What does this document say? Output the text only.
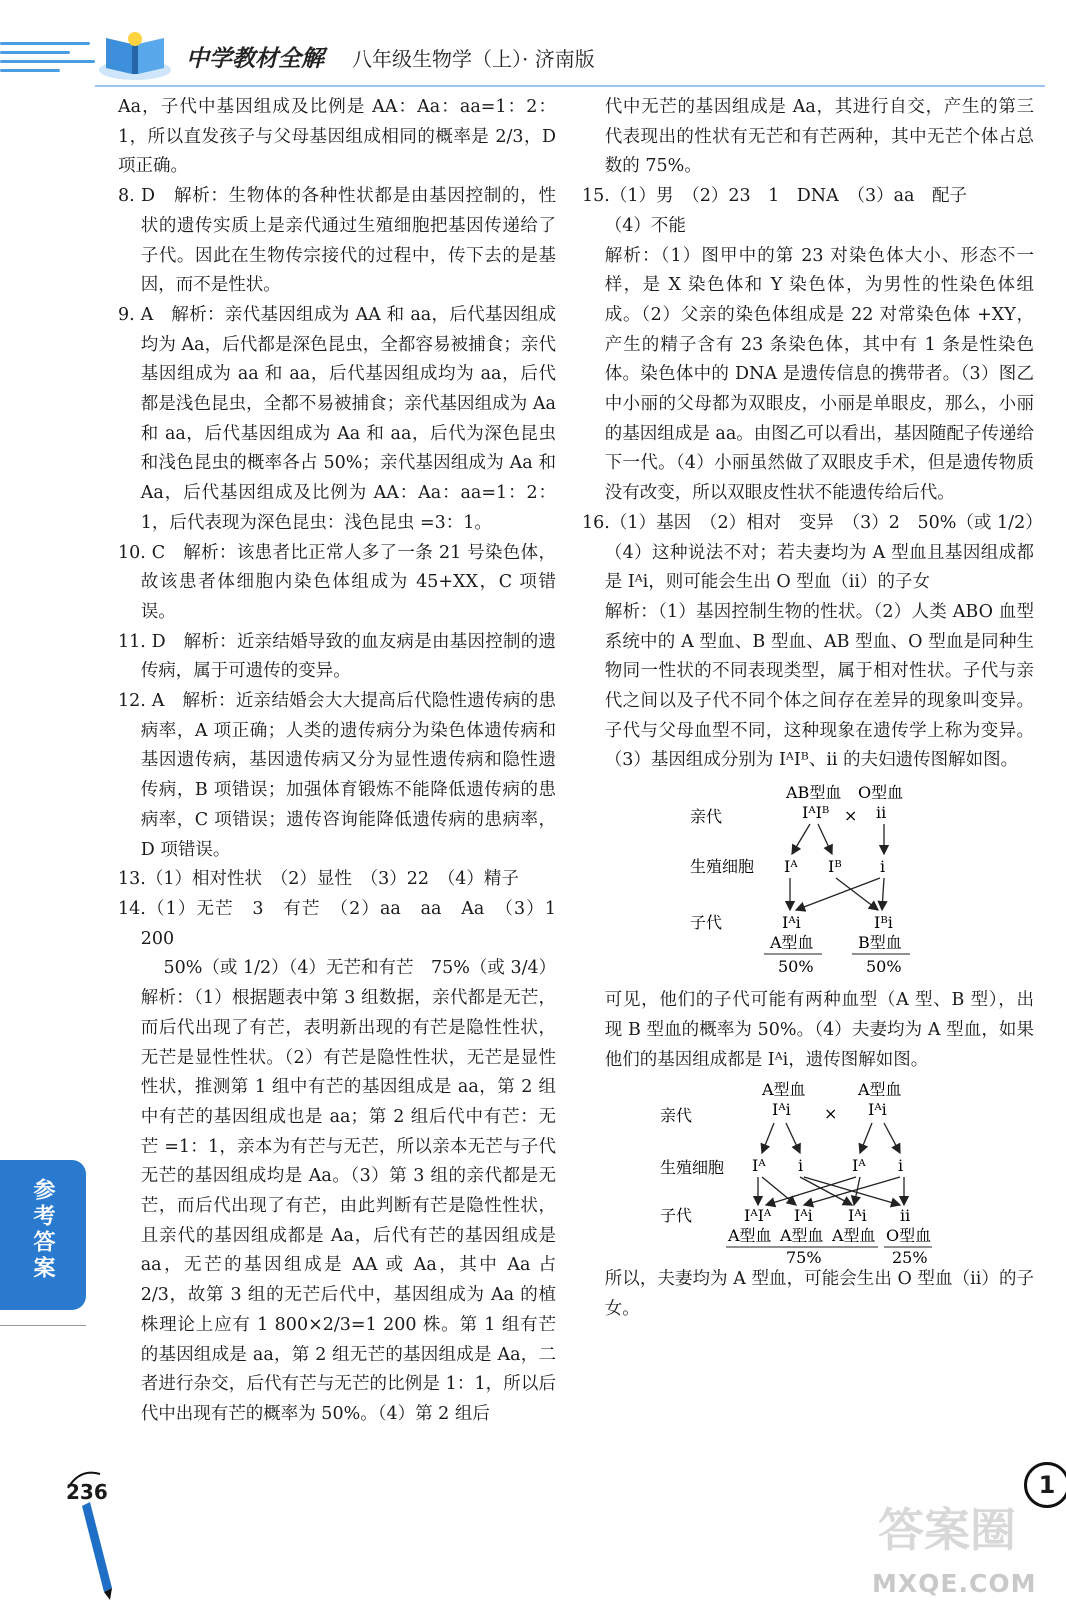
中学教材全解 八年级生物学（上）· 济南版

Aa，子代中基因组成及比例是 AA：Aa：aa=1：2：1，所以直发孩子与父母基因组成相同的概率是 2/3，D 项正确。

8. D　解析：生物体的各种性状都是由基因控制的，性状的遗传实质上是亲代通过生殖细胞把基因传递给了子代。因此在生物传宗接代的过程中，传下去的是基因，而不是性状。

9. A　解析：亲代基因组成为 AA 和 aa，后代基因组成均为 Aa，后代都是深色昆虫，全都容易被捕食；亲代基因组成为 aa 和 aa，后代基因组成均为 aa，后代都是浅色昆虫，全都不易被捕食；亲代基因组成为 Aa 和 aa，后代基因组成为 Aa 和 aa，后代为深色昆虫和浅色昆虫的概率各占 50%；亲代基因组成为 Aa 和 Aa，后代基因组成及比例为 AA：Aa：aa=1：2：1，后代表现为深色昆虫：浅色昆虫 =3：1。

10. C　解析：该患者比正常人多了一条 21 号染色体，故该患者体细胞内染色体组成为 45+XX，C 项错误。

11. D　解析：近亲结婚导致的血友病是由基因控制的遗传病，属于可遗传的变异。

12. A　解析：近亲结婚会大大提高后代隐性遗传病的患病率，A 项正确；人类的遗传病分为染色体遗传病和基因遗传病，基因遗传病又分为显性遗传病和隐性遗传病，B 项错误；加强体育锻炼不能降低遗传病的患病率，C 项错误；遗传咨询能降低遗传病的患病率，D 项错误。

13.（1）相对性状　（2）显性　（3）22　（4）精子

14.（1）无芒　3　有芒　（2）aa　aa　Aa　（3）1 200

50%（或 1/2）（4）无芒和有芒　75%（或 3/4）

解析：（1）根据题表中第 3 组数据，亲代都是无芒，而后代出现了有芒，表明新出现的有芒是隐性性状，无芒是显性性状。（2）有芒是隐性性状，无芒是显性性状，推测第 1 组中有芒的基因组成是 aa，第 2 组中有芒的基因组成也是 aa；第 2 组后代中有芒：无芒 =1：1，亲本为有芒与无芒，所以亲本无芒与子代无芒的基因组成均是 Aa。（3）第 3 组的亲代都是无芒，而后代出现了有芒，由此判断有芒是隐性性状，且亲代的基因组成都是 Aa，后代有芒的基因组成是 aa，无芒的基因组成是 AA 或 Aa，其中 Aa 占 2/3，故第 3 组的无芒后代中，基因组成为 Aa 的植株理论上应有 1 800×2/3=1 200 株。第 1 组有芒的基因组成是 aa，第 2 组无芒的基因组成是 Aa，二者进行杂交，后代有芒与无芒的比例是 1：1，所以后代中出现有芒的概率为 50%。（4）第 2 组后

代中无芒的基因组成是 Aa，其进行自交，产生的第三代表现出的性状有无芒和有芒两种，其中无芒个体占总数的 75%。

15.（1）男　（2）23　1　DNA　（3）aa　配子

（4）不能

解析：（1）图甲中的第 23 对染色体大小、形态不一样，是 X 染色体和 Y 染色体，为男性的性染色体组成。（2）父亲的染色体组成是 22 对常染色体 +XY，产生的精子含有 23 条染色体，其中有 1 条是性染色体。染色体中的 DNA 是遗传信息的携带者。（3）图乙中小丽的父母都为双眼皮，小丽是单眼皮，那么，小丽的基因组成是 aa。由图乙可以看出，基因随配子传递给下一代。（4）小丽虽然做了双眼皮手术，但是遗传物质没有改变，所以双眼皮性状不能遗传给后代。

16.（1）基因　（2）相对　变异　（3）2　50%（或 1/2）（4）这种说法不对；若夫妻均为 A 型血且基因组成都是 Iᴬi，则可能会生出 O 型血（ii）的子女

解析：（1）基因控制生物的性状。（2）人类 ABO 血型系统中的 A 型血、B 型血、AB 型血、O 型血是同种生物同一性状的不同表现类型，属于相对性状。子代与亲代之间以及子代不同个体之间存在差异的现象叫变异。子代与父母血型不同，这种现象在遗传学上称为变异。（3）基因组成分别为 IᴬIᴮ、ii 的夫妇遗传图解如图。

亲代
生殖细胞
子代
AB型血 O型血
IᴬIᴮ × ii
Iᴬ Iᴮ i
Iᴬi	Iᴮi
A型血	B型血
50%	50%

可见，他们的子代可能有两种血型（A 型、B 型），出现 B 型血的概率为 50%。（4）夫妻均为 A 型血，如果他们的基因组成都是 Iᴬi，遗传图解如图。

亲代
生殖细胞
子代
A型血	A型血
Iᴬi × Iᴬi
Iᴬ i	Iᴬ i
IᴬIᴬ Iᴬi Iᴬi ii
A型血 A型血 A型血 O型血
75%	25%

所以，夫妻均为 A 型血，可能会生出 O 型血（ii）的子女。

参考答案
236	1
答案圈
MXQE.COM
